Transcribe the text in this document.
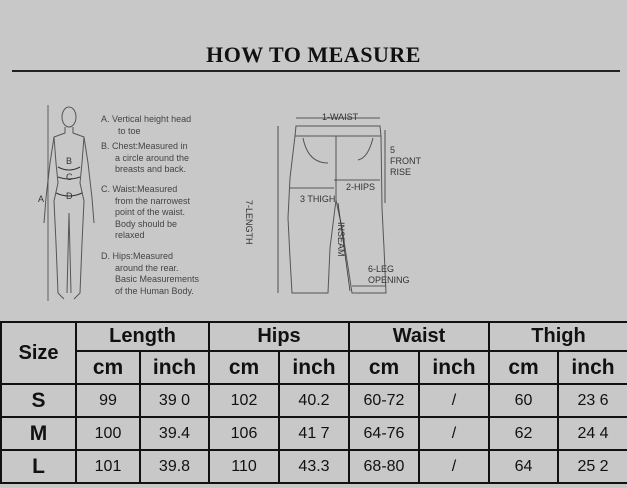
HOW TO MEASURE
A
B
C
D
A. Vertical height head
to toe
B. Chest:Measured in
a circle around the
breasts and back.
C. Waist:Measured
from the narrowest
point of the waist.
Body should be
relaxed
D. Hips:Measured
around the rear.
Basic Measurements
of the Human Body.
1-WAIST
5
FRONT
RISE
2-HIPS
3 THIGH
7-LENGTH	INSEAM
6-LEG
OPENING
Size	Length		Hips		Waist		Thigh	
	cm	inch	cm	inch	cm	inch	cm	inch
S	99	39 0	102	40.2	60-72	/	60	23 6
M	100	39.4	106	41 7	64-76	/	62	24 4
L	101	39.8	110	43.3	68-80	/	64	25 2
